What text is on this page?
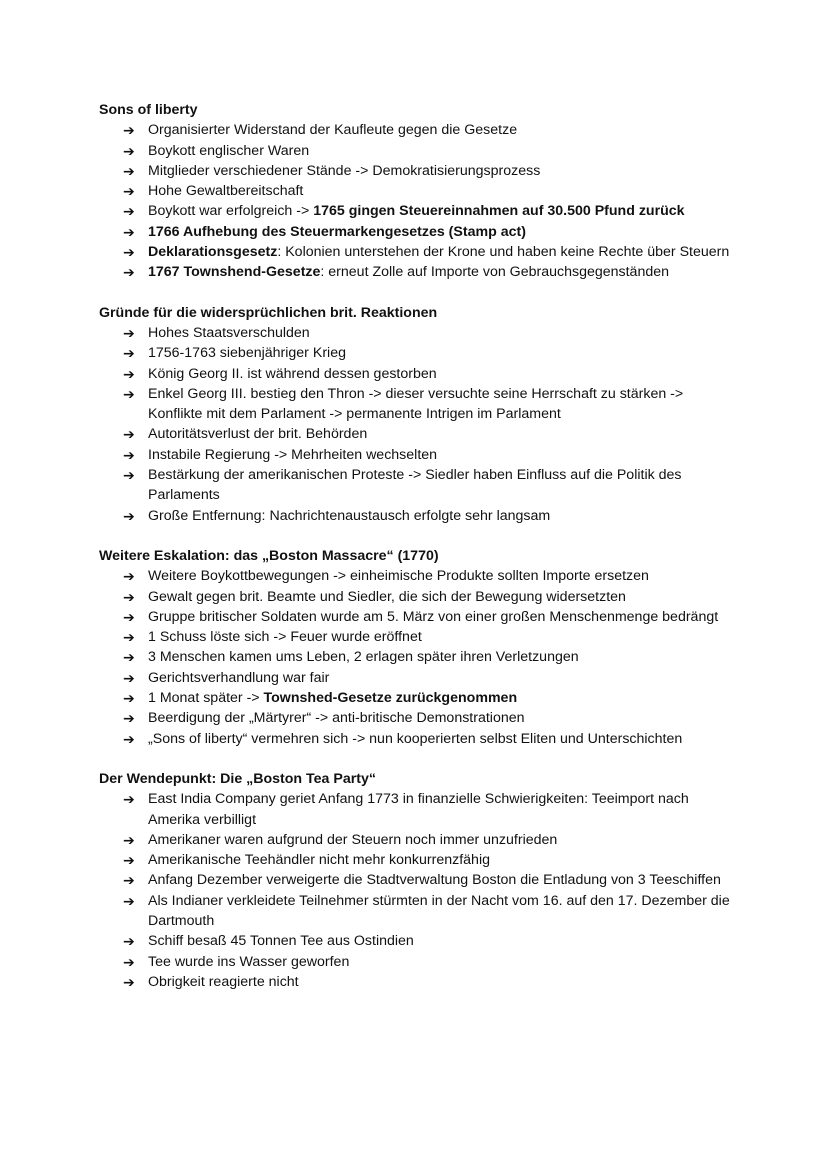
Sons of liberty

➔ Organisierter Widerstand der Kaufleute gegen die Gesetze
➔ Boykott englischer Waren
➔ Mitglieder verschiedener Stände -> Demokratisierungsprozess
➔ Hohe Gewaltbereitschaft
➔ Boykott war erfolgreich -> 1765 gingen Steuereinnahmen auf 30.500 Pfund zurück
➔ 1766 Aufhebung des Steuermarkengesetzes (Stamp act)
➔ Deklarationsgesetz: Kolonien unterstehen der Krone und haben keine Rechte über Steuern
➔ 1767 Townshend-Gesetze: erneut Zolle auf Importe von Gebrauchsgegenständen

Gründe für die widersprüchlichen brit. Reaktionen

➔ Hohes Staatsverschulden
➔ 1756-1763 siebenjähriger Krieg
➔ König Georg II. ist während dessen gestorben
➔ Enkel Georg III. bestieg den Thron -> dieser versuchte seine Herrschaft zu stärken -> Konflikte mit dem Parlament -> permanente Intrigen im Parlament
➔ Autoritätsverlust der brit. Behörden
➔ Instabile Regierung -> Mehrheiten wechselten
➔ Bestärkung der amerikanischen Proteste -> Siedler haben Einfluss auf die Politik des Parlaments
➔ Große Entfernung: Nachrichtenaustausch erfolgte sehr langsam

Weitere Eskalation: das „Boston Massacre“ (1770)

➔ Weitere Boykottbewegungen -> einheimische Produkte sollten Importe ersetzen
➔ Gewalt gegen brit. Beamte und Siedler, die sich der Bewegung widersetzten
➔ Gruppe britischer Soldaten wurde am 5. März von einer großen Menschenmenge bedrängt
➔ 1 Schuss löste sich -> Feuer wurde eröffnet
➔ 3 Menschen kamen ums Leben, 2 erlagen später ihren Verletzungen
➔ Gerichtsverhandlung war fair
➔ 1 Monat später -> Townshed-Gesetze zurückgenommen
➔ Beerdigung der „Märtyrer“ -> anti-britische Demonstrationen
➔ „Sons of liberty“ vermehren sich -> nun kooperierten selbst Eliten und Unterschichten

Der Wendepunkt: Die „Boston Tea Party“

➔ East India Company geriet Anfang 1773 in finanzielle Schwierigkeiten: Teeimport nach Amerika verbilligt
➔ Amerikaner waren aufgrund der Steuern noch immer unzufrieden
➔ Amerikanische Teehändler nicht mehr konkurrenzfähig
➔ Anfang Dezember verweigerte die Stadtverwaltung Boston die Entladung von 3 Teeschiffen
➔ Als Indianer verkleidete Teilnehmer stürmten in der Nacht vom 16. auf den 17. Dezember die Dartmouth
➔ Schiff besaß 45 Tonnen Tee aus Ostindien
➔ Tee wurde ins Wasser geworfen
➔ Obrigkeit reagierte nicht
